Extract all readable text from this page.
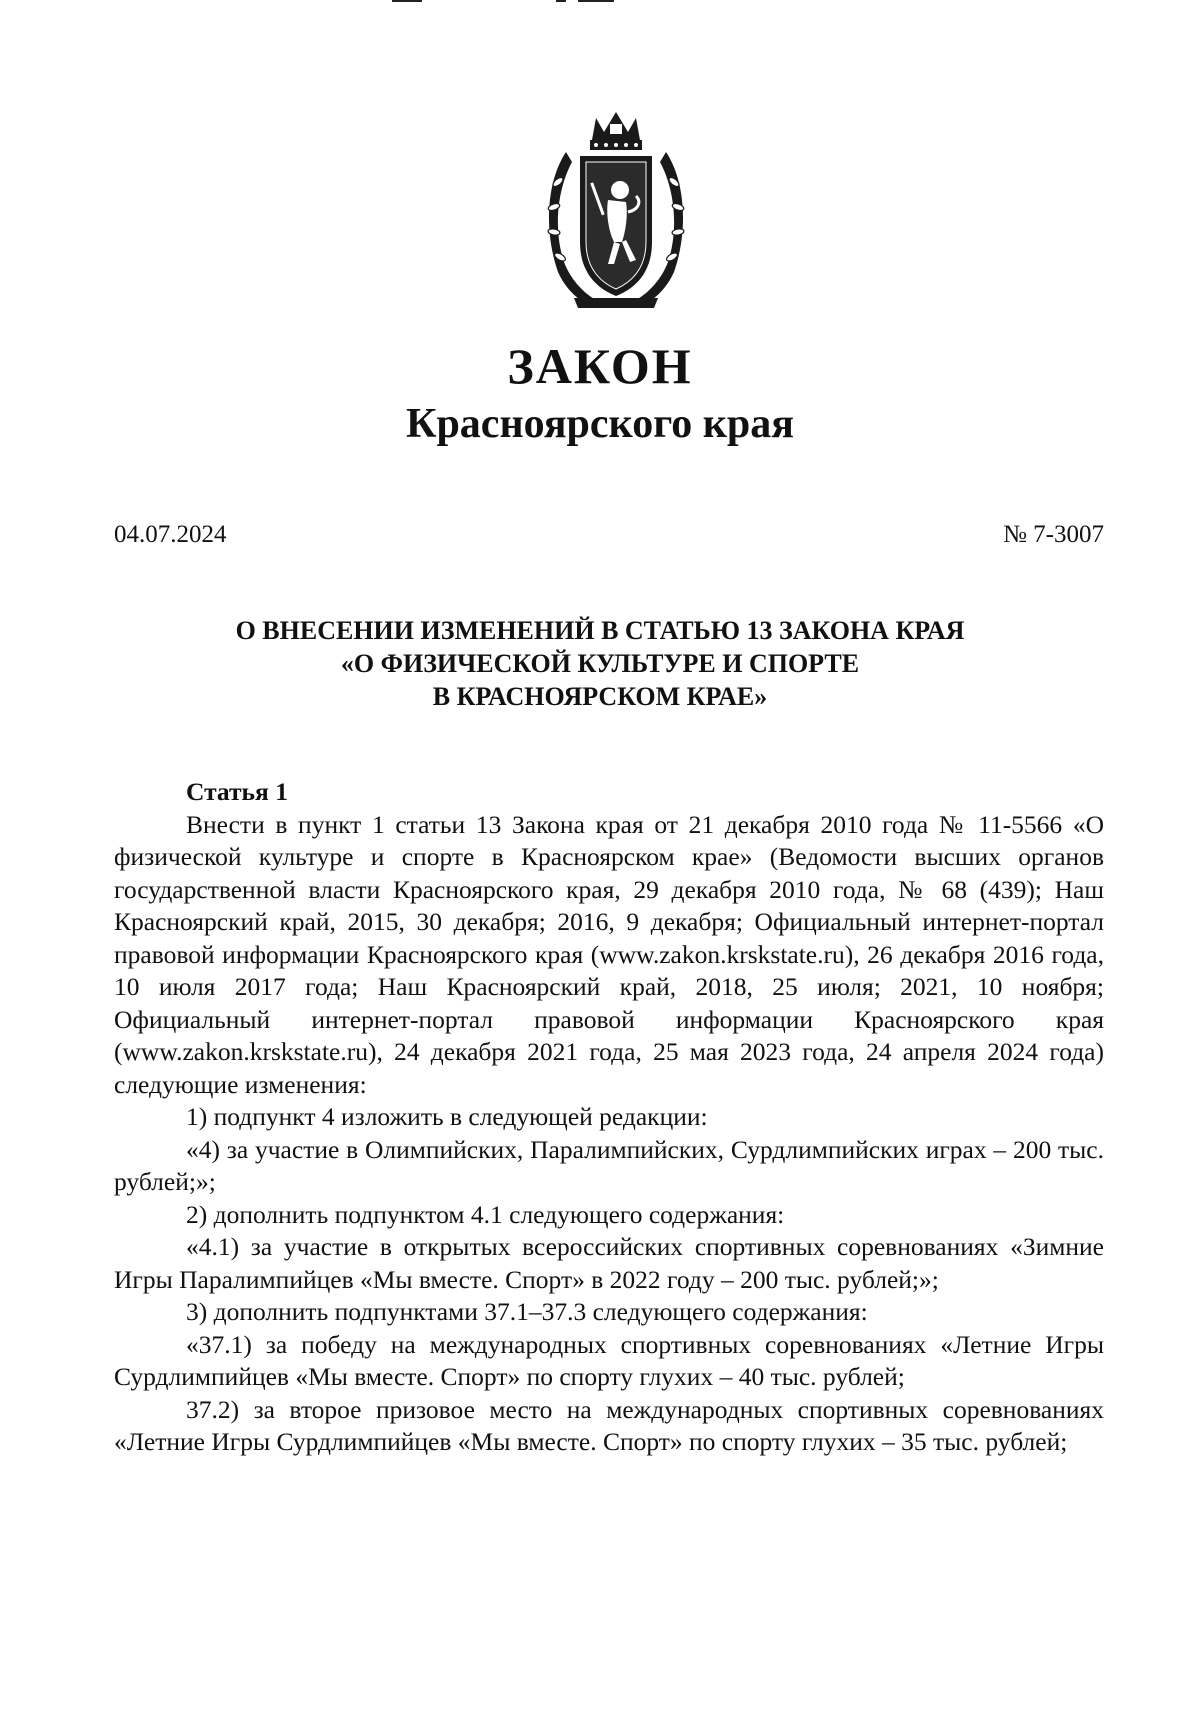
ЗАКОН
Красноярского края
04.07.2024	№ 7-3007
О ВНЕСЕНИИ ИЗМЕНЕНИЙ В СТАТЬЮ 13 ЗАКОНА КРАЯ
«О ФИЗИЧЕСКОЙ КУЛЬТУРЕ И СПОРТЕ
В КРАСНОЯРСКОМ КРАЕ»
Статья 1

Внести в пункт 1 статьи 13 Закона края от 21 декабря 2010 года № 11-5566 «О физической культуре и спорте в Красноярском крае» (Ведомости высших органов государственной власти Красноярского края, 29 декабря 2010 года, № 68 (439); Наш Красноярский край, 2015, 30 декабря; 2016, 9 декабря; Официальный интернет-портал правовой информации Красноярского края (www.zakon.krskstate.ru), 26 декабря 2016 года, 10 июля 2017 года; Наш Красноярский край, 2018, 25 июля; 2021, 10 ноября; Официальный интернет-портал правовой информации Красноярского края (www.zakon.krskstate.ru), 24 декабря 2021 года, 25 мая 2023 года, 24 апреля 2024 года) следующие изменения:

1) подпункт 4 изложить в следующей редакции:

«4) за участие в Олимпийских, Паралимпийских, Сурдлимпийских играх – 200 тыс. рублей;»;

2) дополнить подпунктом 4.1 следующего содержания:

«4.1) за участие в открытых всероссийских спортивных соревнованиях «Зимние Игры Паралимпийцев «Мы вместе. Спорт» в 2022 году – 200 тыс. рублей;»;

3) дополнить подпунктами 37.1–37.3 следующего содержания:

«37.1) за победу на международных спортивных соревнованиях «Летние Игры Сурдлимпийцев «Мы вместе. Спорт» по спорту глухих – 40 тыс. рублей;

37.2) за второе призовое место на международных спортивных соревнованиях «Летние Игры Сурдлимпийцев «Мы вместе. Спорт» по спорту глухих – 35 тыс. рублей;
